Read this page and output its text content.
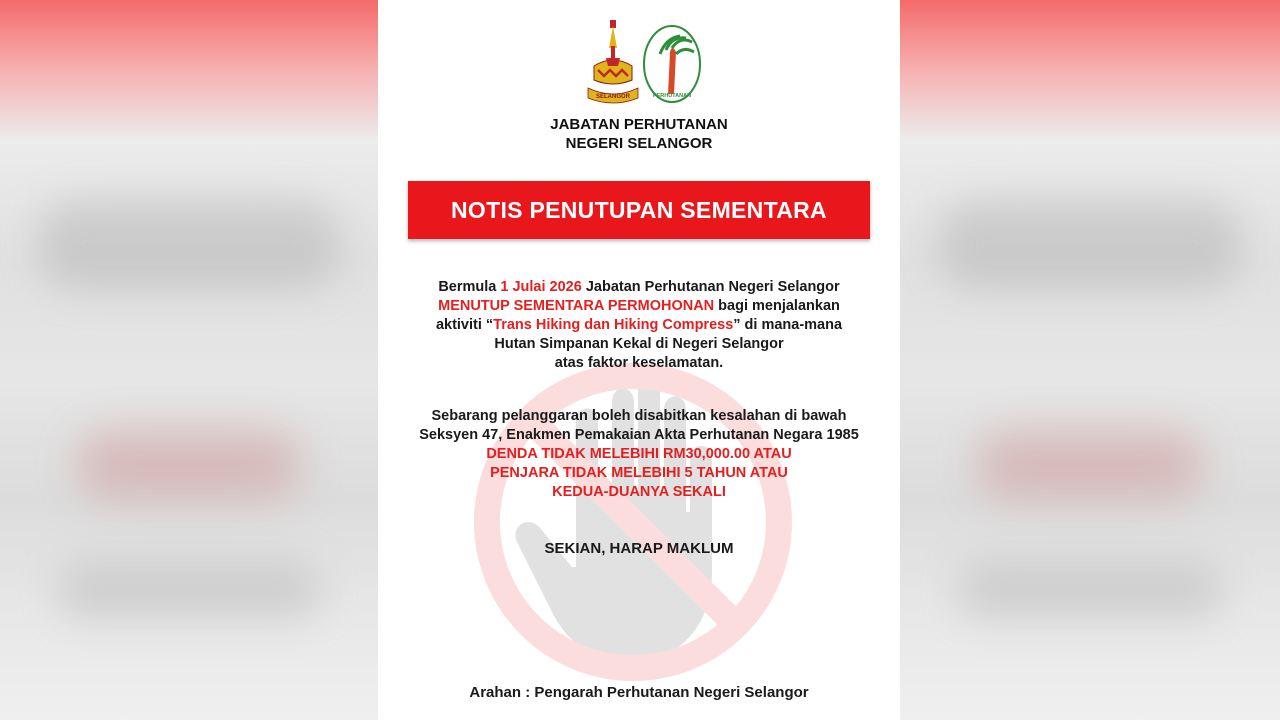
SELANGOR	PERHUTANAN

JABATAN PERHUTANAN

NEGERI SELANGOR

NOTIS PENUTUPAN SEMENTARA

Bermula 1 Julai 2026 Jabatan Perhutanan Negeri Selangor

MENUTUP SEMENTARA PERMOHONAN bagi menjalankan

aktiviti “Trans Hiking dan Hiking Compress” di mana-mana

Hutan Simpanan Kekal di Negeri Selangor

atas faktor keselamatan.

Sebarang pelanggaran boleh disabitkan kesalahan di bawah

Seksyen 47, Enakmen Pemakaian Akta Perhutanan Negara 1985

DENDA TIDAK MELEBIHI RM30,000.00 ATAU

PENJARA TIDAK MELEBIHI 5 TAHUN ATAU

KEDUA-DUANYA SEKALI

SEKIAN, HARAP MAKLUM

Arahan : Pengarah Perhutanan Negeri Selangor
